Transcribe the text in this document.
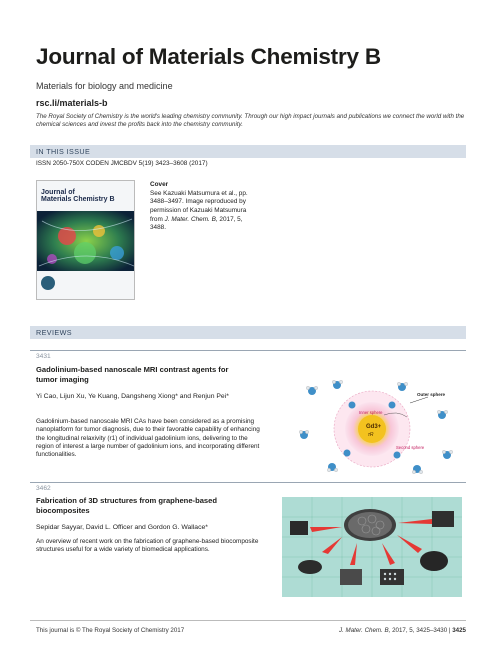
Journal of Materials Chemistry B
Materials for biology and medicine
rsc.li/materials-b
The Royal Society of Chemistry is the world's leading chemistry community. Through our high impact journals and publications we connect the world with the chemical sciences and invest the profits back into the chemistry community.
IN THIS ISSUE
ISSN 2050-750X CODEN JMCBDV 5(19) 3423–3608 (2017)
Journal of
Materials Chemistry B
Cover
See Kazuaki Matsumura et al., pp. 3488–3497. Image reproduced by permission of Kazuaki Matsumura from J. Mater. Chem. B, 2017, 5, 3488.
REVIEWS
3431
Gadolinium-based nanoscale MRI contrast agents for tumor imaging
Yi Cao, Lijun Xu, Ye Kuang, Dangsheng Xiong* and Renjun Pei*
Gadolinium-based nanoscale MRI CAs have been considered as a promising nanoplatform for tumor diagnosis, due to their favorable capability of enhancing the longitudinal relaxivity (r1) of individual gadolinium ions, delivering to the region of interest a large number of gadolinium ions, and incorporating different functionalities.
Gd3+
τR
Inner sphere
Second sphere
Outer sphere
3462
Fabrication of 3D structures from graphene-based biocomposites
Sepidar Sayyar, David L. Officer and Gordon G. Wallace*
An overview of recent work on the fabrication of graphene-based biocomposite structures useful for a wide variety of biomedical applications.
This journal is © The Royal Society of Chemistry 2017	J. Mater. Chem. B, 2017, 5, 3425–3430 | 3425
